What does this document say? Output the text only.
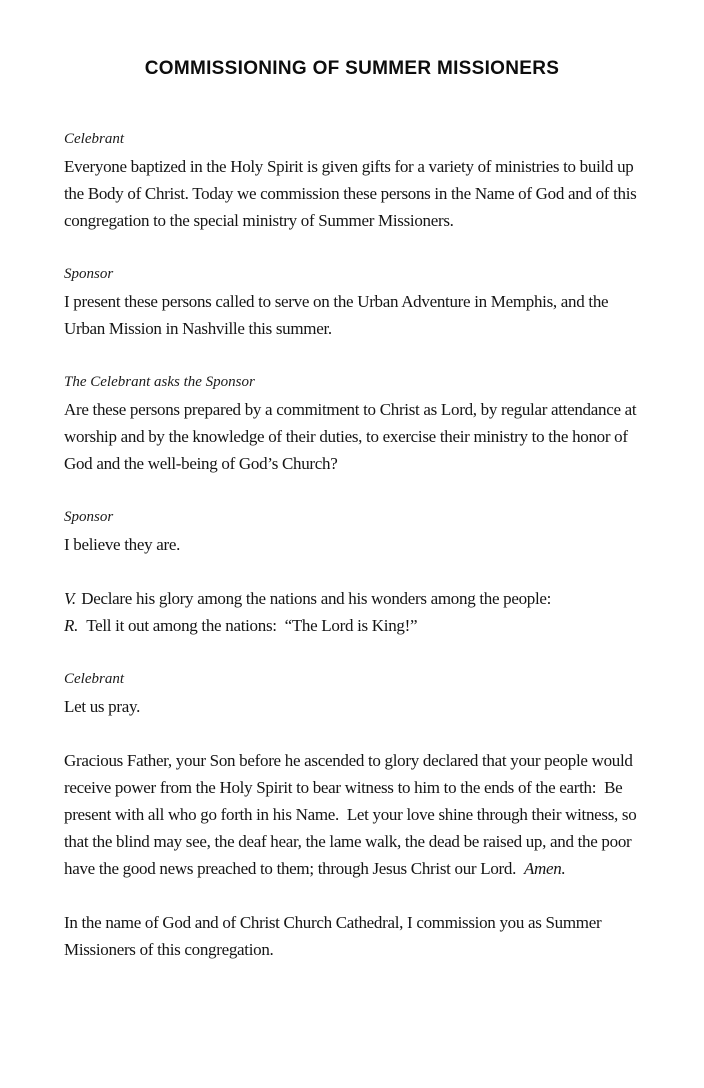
COMMISSIONING OF SUMMER MISSIONERS
Celebrant

Everyone baptized in the Holy Spirit is given gifts for a variety of ministries to build up the Body of Christ. Today we commission these persons in the Name of God and of this congregation to the special ministry of Summer Missioners.

Sponsor

I present these persons called to serve on the Urban Adventure in Memphis, and the Urban Mission in Nashville this summer.

The Celebrant asks the Sponsor

Are these persons prepared by a commitment to Christ as Lord, by regular attendance at worship and by the knowledge of their duties, to exercise their ministry to the honor of God and the well-being of God’s Church?

Sponsor

I believe they are.

V. Declare his glory among the nations and his wonders among the people:

R. Tell it out among the nations:  “The Lord is King!”

Celebrant

Let us pray.

Gracious Father, your Son before he ascended to glory declared that your people would receive power from the Holy Spirit to bear witness to him to the ends of the earth:  Be present with all who go forth in his Name.  Let your love shine through their witness, so that the blind may see, the deaf hear, the lame walk, the dead be raised up, and the poor have the good news preached to them; through Jesus Christ our Lord.  Amen.

In the name of God and of Christ Church Cathedral, I commission you as Summer Missioners of this congregation.
